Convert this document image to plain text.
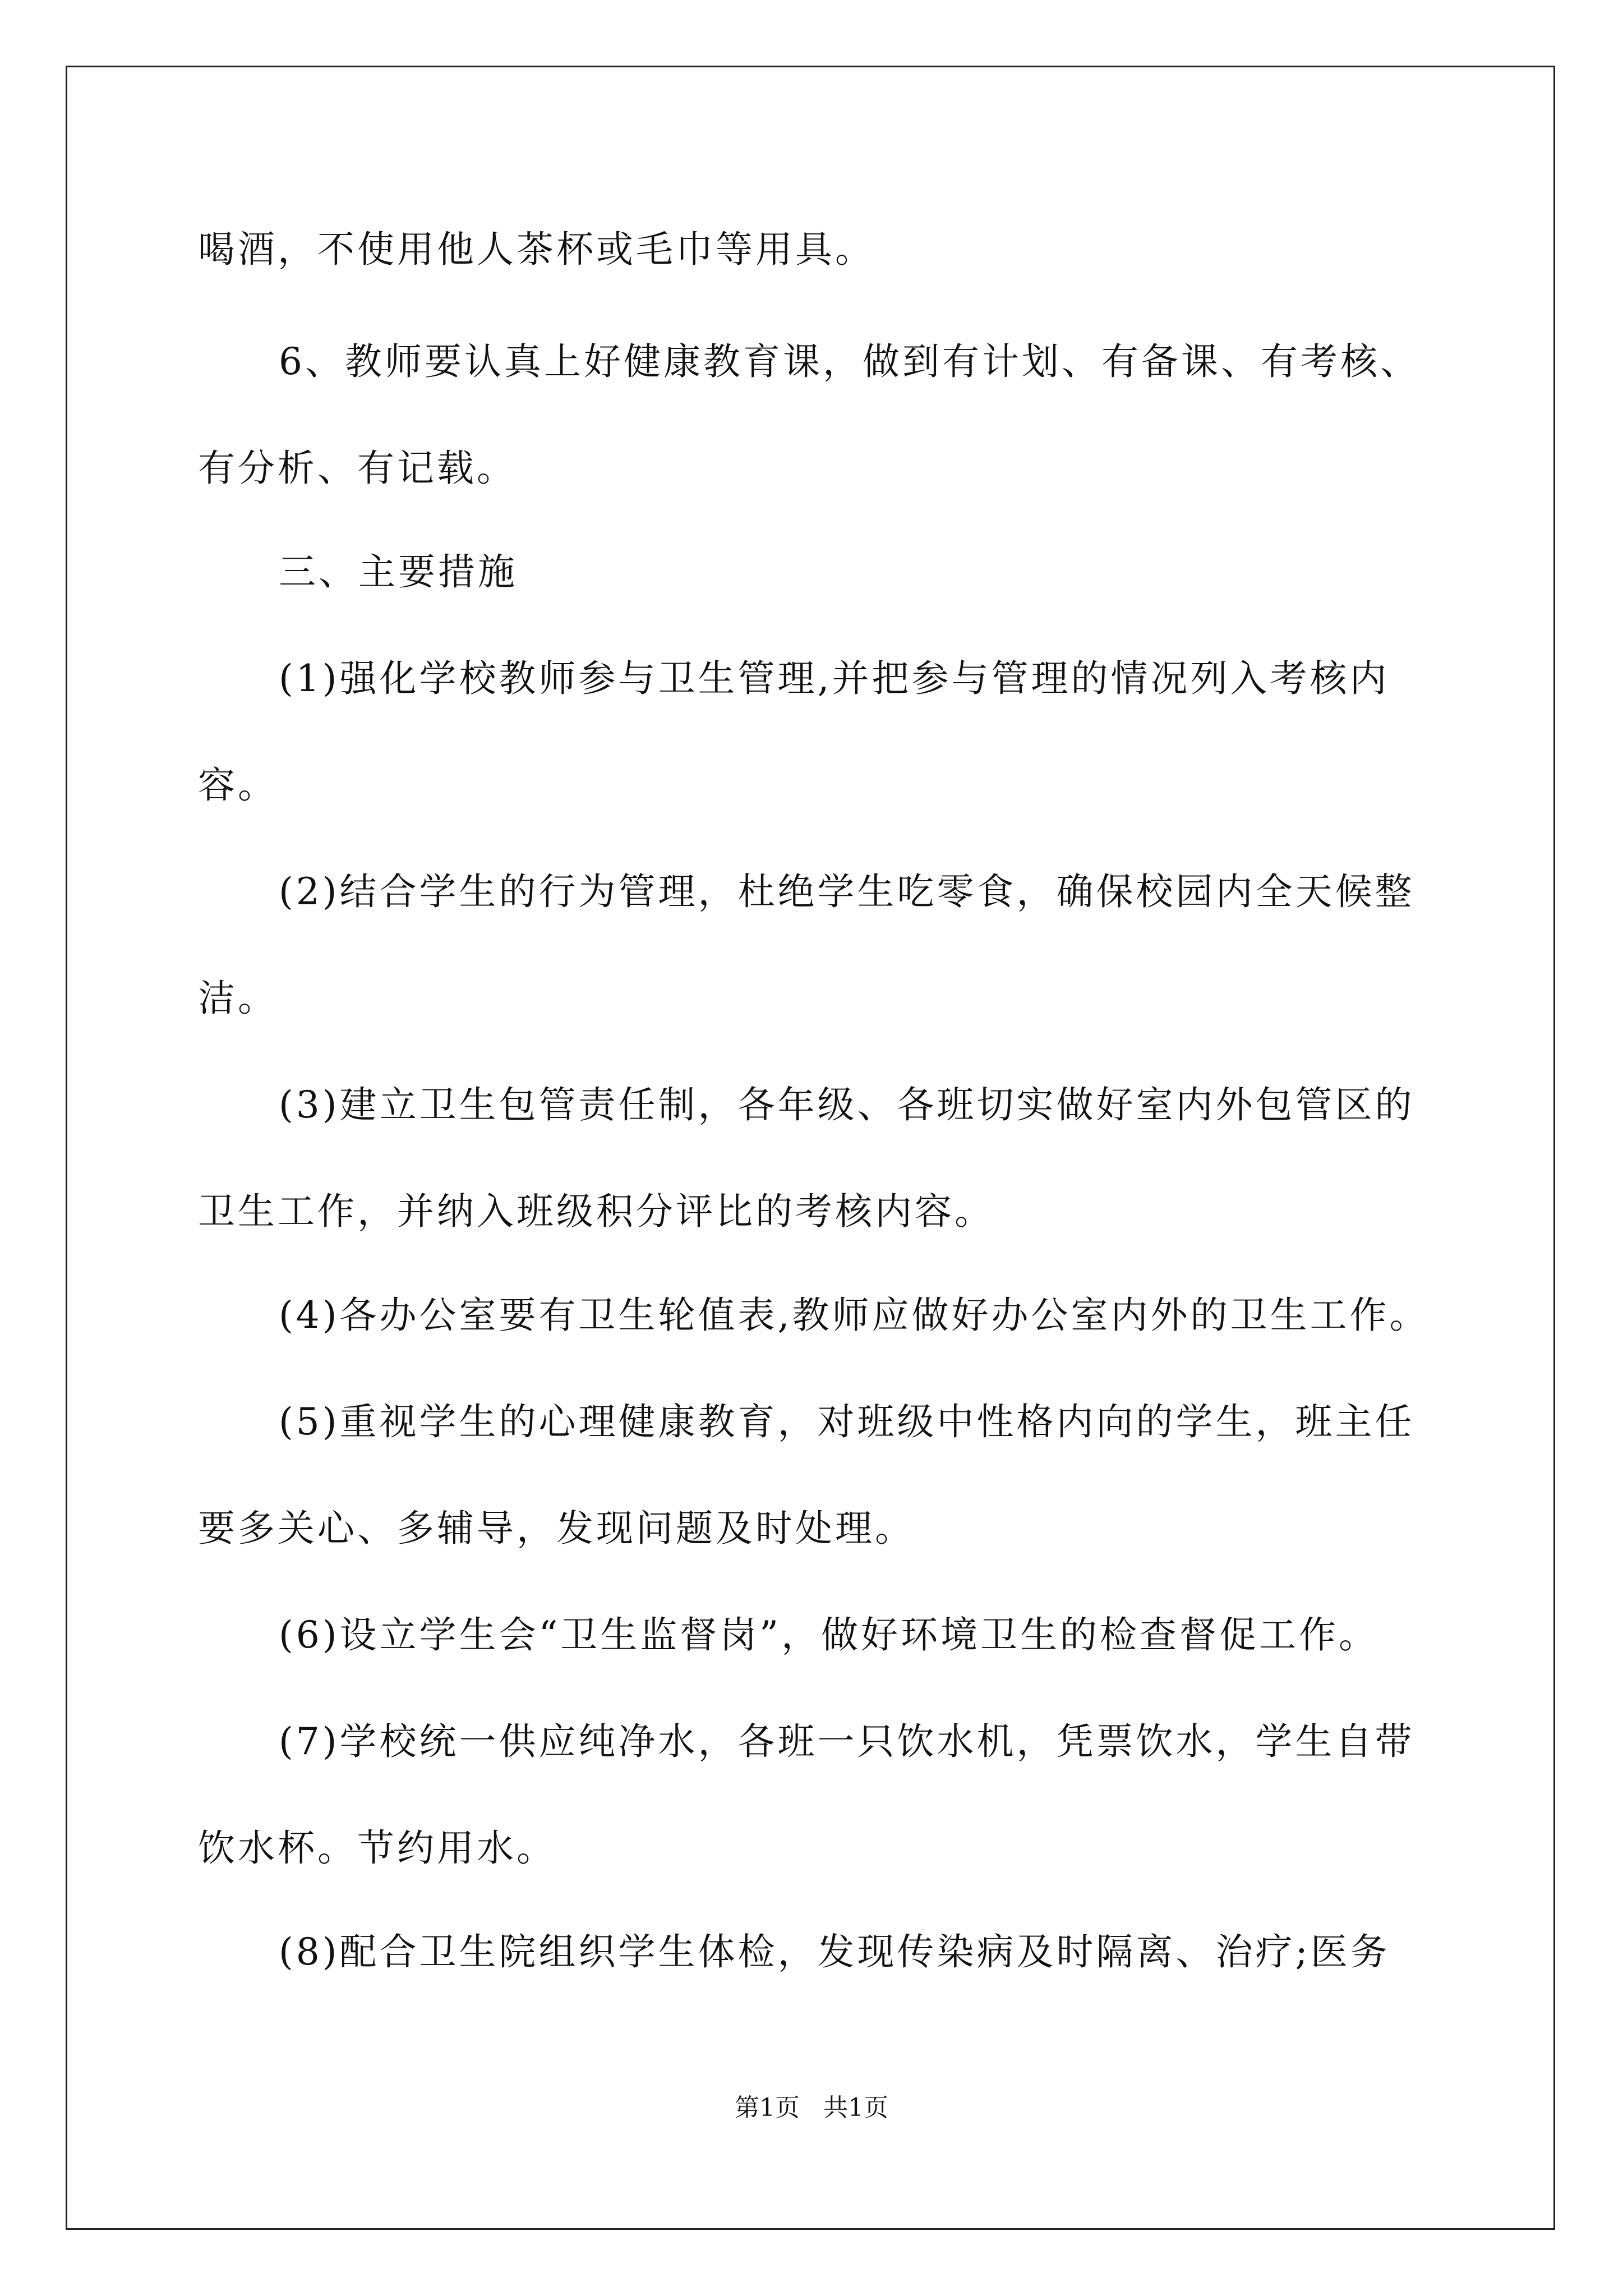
喝酒，不使用他人茶杯或毛巾等用具。
6、教师要认真上好健康教育课，做到有计划、有备课、有考核、
有分析、有记载。
三、主要措施
(1)强化学校教师参与卫生管理,并把参与管理的情况列入考核内
容。
(2)结合学生的行为管理，杜绝学生吃零食，确保校园内全天候整
洁。
(3)建立卫生包管责任制，各年级、各班切实做好室内外包管区的
卫生工作，并纳入班级积分评比的考核内容。
(4)各办公室要有卫生轮值表,教师应做好办公室内外的卫生工作。
(5)重视学生的心理健康教育，对班级中性格内向的学生，班主任
要多关心、多辅导，发现问题及时处理。
(6)设立学生会“卫生监督岗”，做好环境卫生的检查督促工作。
(7)学校统一供应纯净水，各班一只饮水机，凭票饮水，学生自带
饮水杯。节约用水。
(8)配合卫生院组织学生体检，发现传染病及时隔离、治疗;医务
第1页   共1页
